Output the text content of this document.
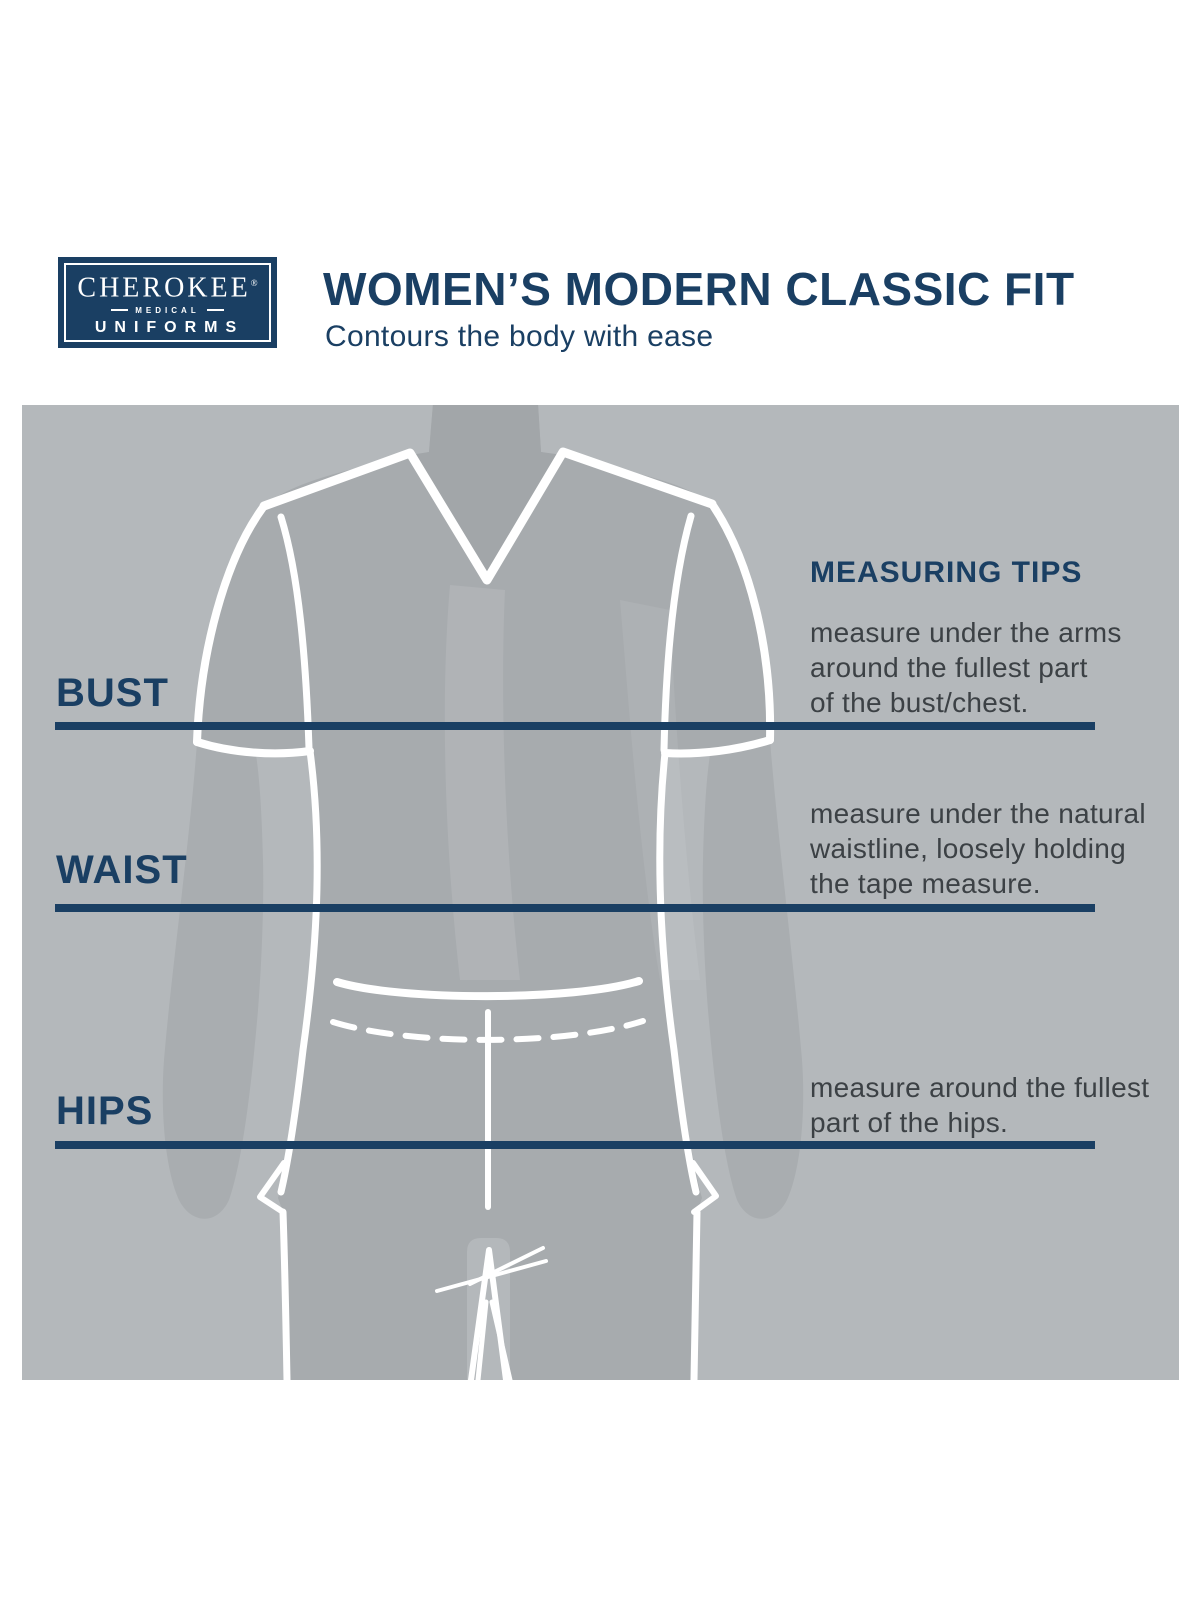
CHEROKEE®
MEDICAL
UNIFORMS
WOMEN’S MODERN CLASSIC FIT

Contours the body with ease

BUST

WAIST

HIPS

MEASURING TIPS
measure under the arms
around the fullest part
of the bust/chest.
measure under the natural
waistline, loosely holding
the tape measure.
measure around the fullest
part of the hips.
